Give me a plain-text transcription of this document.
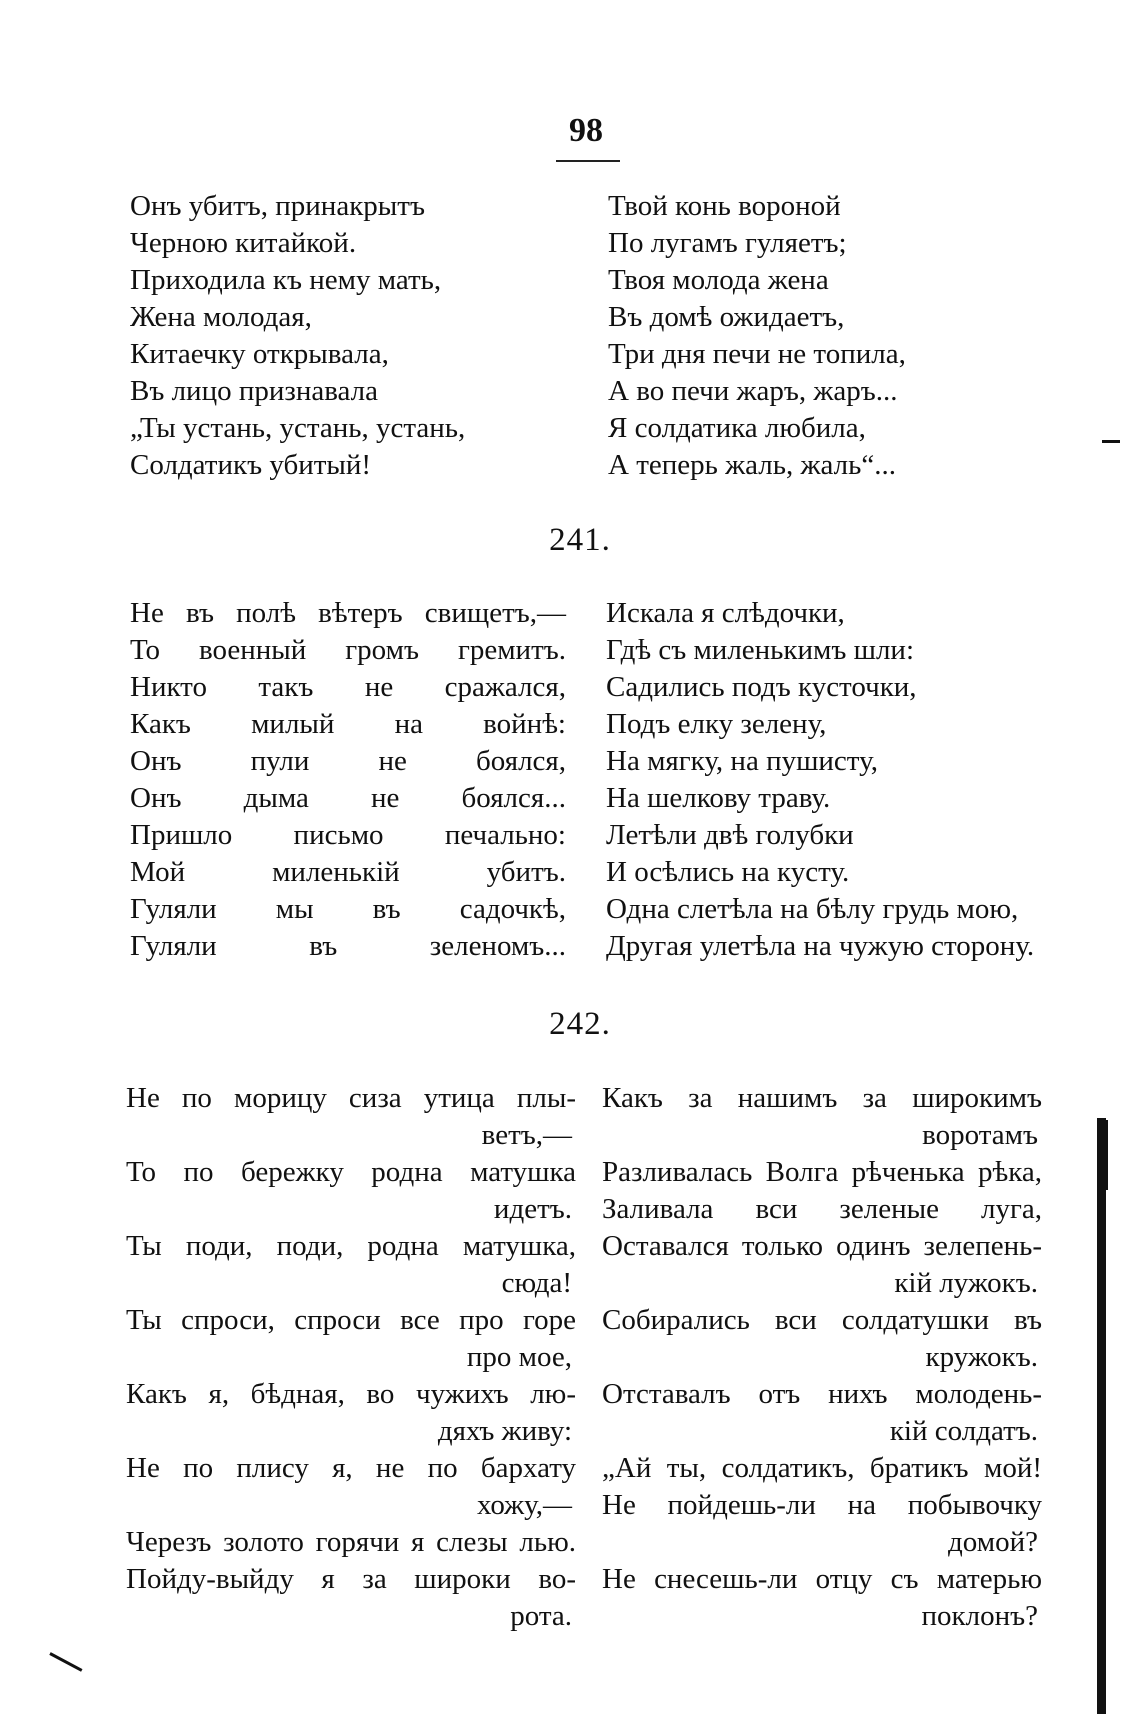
98
Онъ убитъ, принакрытъ
Черною китайкой.
Приходила къ нему мать,
Жена молодая,
Китаечку открывала,
Въ лицо признавала
„Ты устань, устань, устань,
Солдатикъ убитый!
Твой конь вороной
По лугамъ гуляетъ;
Твоя молода жена
Въ домѣ ожидаетъ,
Три дня печи не топила,
А во печи жаръ, жаръ...
Я солдатика любила,
А теперь жаль, жаль“...
241.
Не въ полѣ вѣтеръ свищетъ,—
То военный громъ гремитъ.
Никто такъ не сражался,
Какъ милый на войнѣ:
Онъ пули не боялся,
Онъ дыма не боялся...
Пришло письмо печально:
Мой миленькій убитъ.
Гуляли мы въ садочкѣ,
Гуляли въ зеленомъ...
Искала я слѣдочки,
Гдѣ съ миленькимъ шли:
Садились подъ кусточки,
Подъ елку зелену,
На мягку, на пушисту,
На шелкову траву.
Летѣли двѣ голубки
И осѣлись на кусту.
Одна слетѣла на бѣлу грудь мою,
Другая улетѣла на чужую сторону.
242.
Не по морицу сиза утица плы-
ветъ,—
То по бережку родна матушка
идетъ.
Ты поди, поди, родна матушка,
сюда!
Ты спроси, спроси все про горе
про мое,
Какъ я, бѣдная, во чужихъ лю-
дяхъ живу:
Не по плису я, не по бархату
хожу,—
Черезъ золото горячи я слезы лью.
Пойду-выйду я за широки во-
рота.
Какъ за нашимъ за широкимъ
воротамъ
Разливалась Волга рѣченька рѣка,
Заливала вси зеленые луга,
Оставался только одинъ зелепень-
кій лужокъ.
Собирались вси солдатушки въ
кружокъ.
Отставалъ отъ нихъ молодень-
кій солдатъ.
„Ай ты, солдатикъ, братикъ мой!
Не пойдешь-ли на побывочку
домой?
Не снесешь-ли отцу съ матерью
поклонъ?
